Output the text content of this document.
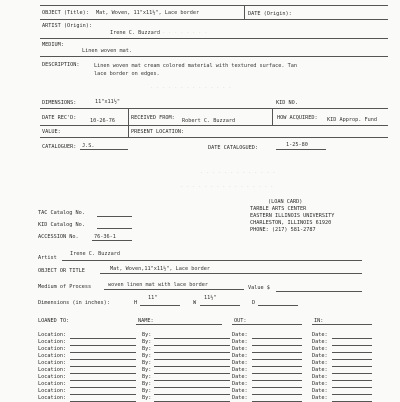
OBJECT (Title): Mat, Woven, 11"x11½", Lace border	DATE (Origin):
ARTIST (Origin):
Irene C. Buzzard
MEDIUM:
Linen woven mat.
DESCRIPTION:	Linen woven mat cream colored material with textured surface. Tan
lace border on edges.
- - - - - - - - - -
- - - - - - - - - - - - - -
DIMENSIONS:	11"x11½"	KID NO.
DATE REC'D:	10-26-76	RECEIVED FROM: Robert C. Buzzard	HOW ACQUIRED: KID Approp. Fund
VALUE:	PRESENT LOCATION:
CATALOGUER: J.S.	DATE CATALOGUED:	1-25-80
- - - - - - - - - - - - -
- - - - - - - - - - - - - - - -
TAC Catalog No.
KID Catalog No.
ACCESSION No.	76-36-1
(LOAN CARD)
TARBLE ARTS CENTER
EASTERN ILLINOIS UNIVERSITY
CHARLESTON, ILLINOIS 61920
PHONE: (217) 581-2787
Artist
Irene C. Buzzard
OBJECT OR TITLE	Mat, Woven,11"x11½", Lace border
Medium of Process	woven linen mat with lace border	Value $
Dimensions (in inches):	H
11"
W
11½"
D
LOANED TO:	NAME:	OUT:	IN:
Location:	By:	Date:	Date:
Location:	By:	Date:	Date:
Location:	By:	Date:	Date:
Location:	By:	Date:	Date:
Location:	By:	Date:	Date:
Location:	By:	Date:	Date:
Location:	By:	Date:	Date:
Location:	By:	Date:	Date:
Location:	By:	Date:	Date:
Location:	By:	Date:	Date:
